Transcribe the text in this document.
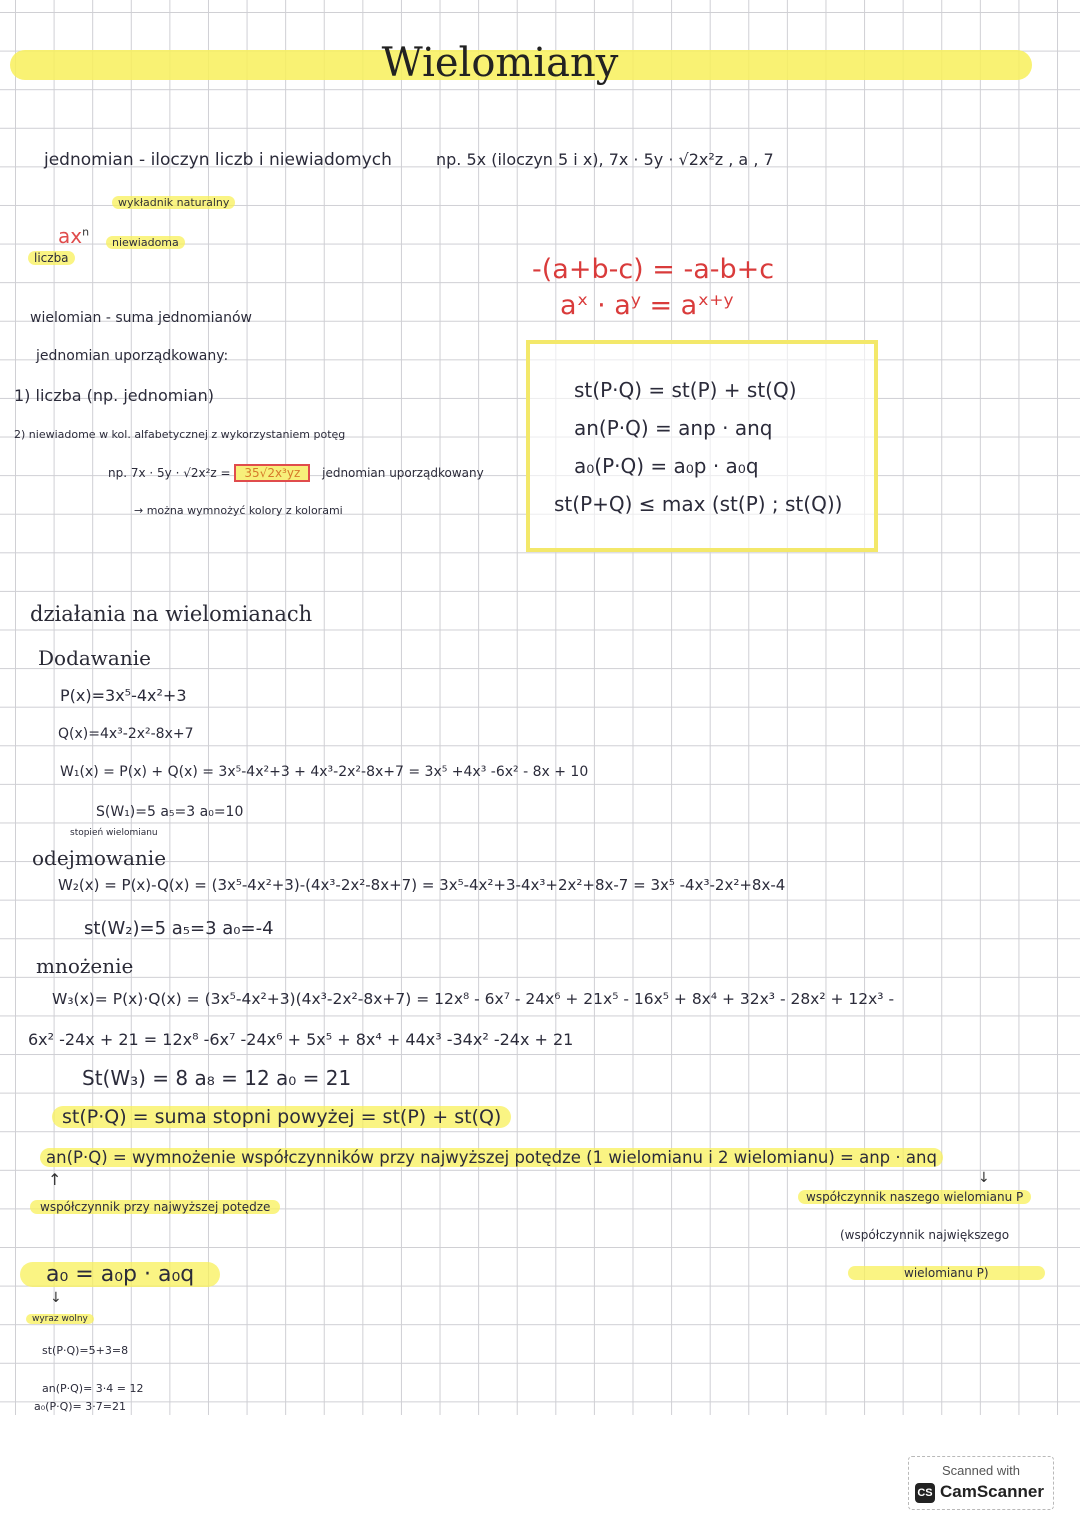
Wielomiany
jednomian - iloczyn liczb i niewiadomych	np. 5x (iloczyn 5 i x), 7x · 5y · √2x²z , a , 7
wykładnik naturalny
$ax^n$
niewiadoma
liczba	-(a+b-c) = -a-b+c
aˣ · aʸ = aˣ⁺ʸ
wielomian - suma jednomianów
jednomian uporządkowany:
1) liczba (np. jednomian)
2) niewiadome w kol. alfabetycznej z wykorzystaniem potęg
np. 7x · 5y · √2x²z = 35√2x³yz jednomian uporządkowany
→ można wymnożyć kolory z kolorami
st(P·Q) = st(P) + st(Q)
an(P·Q) = anp · anq
a₀(P·Q) = a₀p · a₀q
st(P+Q) ≤ max (st(P) ; st(Q))
działania na wielomianach
Dodawanie
P(x)=3x⁵-4x²+3
Q(x)=4x³-2x²-8x+7
W₁(x) = P(x) + Q(x) = 3x⁵-4x²+3 + 4x³-2x²-8x+7 = 3x⁵ +4x³ -6x² - 8x + 10
S(W₁)=5 a₅=3 a₀=10
stopień wielomianu
odejmowanie
W₂(x) = P(x)-Q(x) = (3x⁵-4x²+3)-(4x³-2x²-8x+7) = 3x⁵-4x²+3-4x³+2x²+8x-7 = 3x⁵ -4x³-2x²+8x-4
st(W₂)=5 a₅=3 a₀=-4
mnożenie
W₃(x)= P(x)·Q(x) = (3x⁵-4x²+3)(4x³-2x²-8x+7) = 12x⁸ - 6x⁷ - 24x⁶ + 21x⁵ - 16x⁵ + 8x⁴ + 32x³ - 28x² + 12x³ -
6x² -24x + 21 = 12x⁸ -6x⁷ -24x⁶ + 5x⁵ + 8x⁴ + 44x³ -34x² -24x + 21
St(W₃) = 8 a₈ = 12 a₀ = 21
st(P·Q) = suma stopni powyżej = st(P) + st(Q)
an(P·Q) = wymnożenie współczynników przy najwyższej potędze (1 wielomianu i 2 wielomianu) = anp · anq
↑
współczynnik przy najwyższej potędze
↓
współczynnik naszego wielomianu P
(współczynnik największego
wielomianu P)
a₀ = a₀p · a₀q
↓
wyraz wolny
st(P·Q)=5+3=8
an(P·Q)= 3·4 = 12
a₀(P·Q)= 3·7=21
Scanned with
CS CamScanner
